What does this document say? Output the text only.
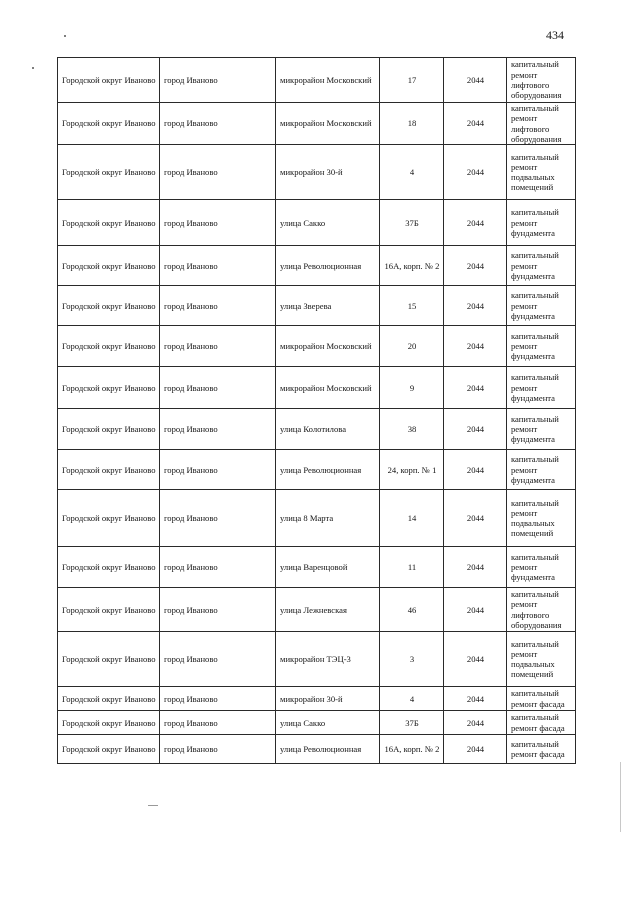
434
Городской округ Иваново	город Иваново	микрорайон Московский	17	2044	капитальный ремонт лифтового оборудования
Городской округ Иваново	город Иваново	микрорайон Московский	18	2044	капитальный ремонт лифтового оборудования
Городской округ Иваново	город Иваново	микрорайон 30-й	4	2044	капитальный ремонт подвальных помещений
Городской округ Иваново	город Иваново	улица Сакко	37Б	2044	капитальный ремонт фундамента
Городской округ Иваново	город Иваново	улица Революционная	16А, корп. № 2	2044	капитальный ремонт фундамента
Городской округ Иваново	город Иваново	улица Зверева	15	2044	капитальный ремонт фундамента
Городской округ Иваново	город Иваново	микрорайон Московский	20	2044	капитальный ремонт фундамента
Городской округ Иваново	город Иваново	микрорайон Московский	9	2044	капитальный ремонт фундамента
Городской округ Иваново	город Иваново	улица Колотилова	38	2044	капитальный ремонт фундамента
Городской округ Иваново	город Иваново	улица Революционная	24, корп. № 1	2044	капитальный ремонт фундамента
Городской округ Иваново	город Иваново	улица 8 Марта	14	2044	капитальный ремонт подвальных помещений
Городской округ Иваново	город Иваново	улица Варенцовой	11	2044	капитальный ремонт фундамента
Городской округ Иваново	город Иваново	улица Лежневская	46	2044	капитальный ремонт лифтового оборудования
Городской округ Иваново	город Иваново	микрорайон ТЭЦ-3	3	2044	капитальный ремонт подвальных помещений
Городской округ Иваново	город Иваново	микрорайон 30-й	4	2044	капитальный ремонт фасада
Городской округ Иваново	город Иваново	улица Сакко	37Б	2044	капитальный ремонт фасада
Городской округ Иваново	город Иваново	улица Революционная	16А, корп. № 2	2044	капитальный ремонт фасада
